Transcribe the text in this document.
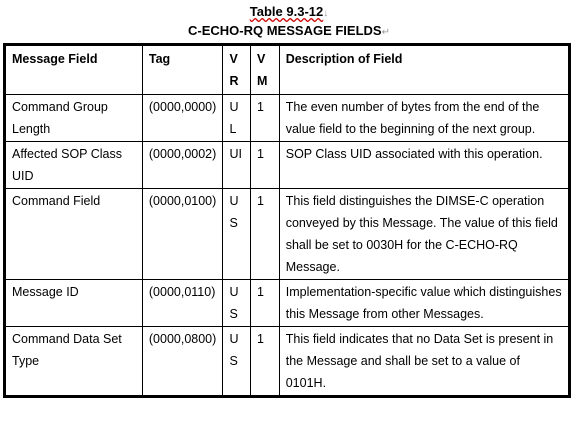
Table 9.3-12↓
C-ECHO-RQ MESSAGE FIELDS↵
Message Field	Tag	VR	VM	Description of Field
Command Group Length	(0000,0000)	UL	1	The even number of bytes from the end of the value field to the beginning of the next group.
Affected SOP Class UID	(0000,0002)	UI	1	SOP Class UID associated with this operation.
Command Field	(0000,0100)	US	1	This field distinguishes the DIMSE-C operation conveyed by this Message. The value of this field shall be set to 0030H for the C-ECHO-RQ Message.
Message ID	(0000,0110)	US	1	Implementation-specific value which distinguishes this Message from other Messages.
Command Data Set Type	(0000,0800)	US	1	This field indicates that no Data Set is present in the Message and shall be set to a value of 0101H.
